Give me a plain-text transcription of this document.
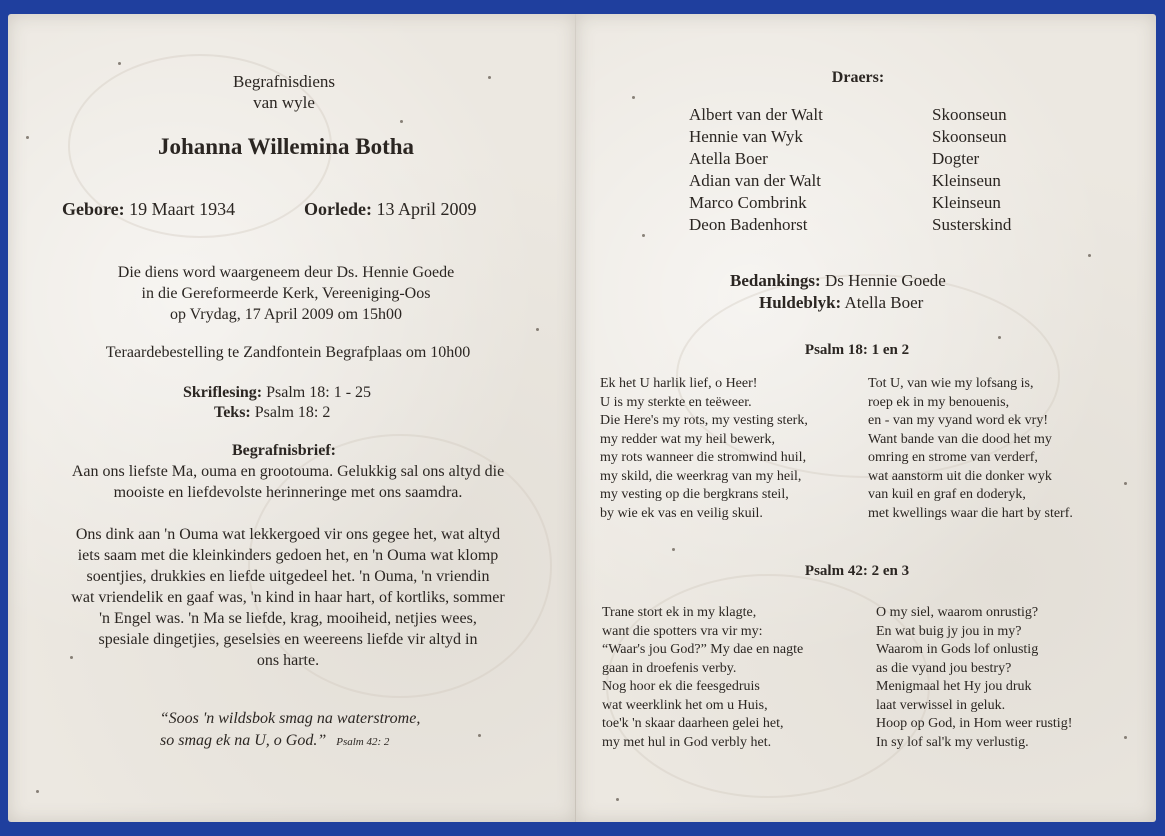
Begrafnisdiens
van wyle
Johanna Willemina Botha
Gebore: 19 Maart 1934	Oorlede: 13 April 2009
Die diens word waargeneem deur Ds. Hennie Goede
in die Gereformeerde Kerk, Vereeniging-Oos
op Vrydag, 17 April 2009 om 15h00
Teraardebestelling te Zandfontein Begrafplaas om 10h00
Skriflesing: Psalm 18: 1 - 25
Teks: Psalm 18: 2
Begrafnisbrief:
Aan ons liefste Ma, ouma en grootouma. Gelukkig sal ons altyd die
mooiste en liefdevolste herinneringe met ons saamdra.
Ons dink aan 'n Ouma wat lekkergoed vir ons gegee het, wat altyd
iets saam met die kleinkinders gedoen het, en 'n Ouma wat klomp
soentjies, drukkies en liefde uitgedeel het. 'n Ouma, 'n vriendin
wat vriendelik en gaaf was, 'n kind in haar hart, of kortliks, sommer
'n Engel was. 'n Ma se liefde, krag, mooiheid, netjies wees,
spesiale dingetjies, geselsies en weereens liefde vir altyd in
ons harte.
“Soos 'n wildsbok smag na waterstrome,
so smag ek na U, o God.” Psalm 42: 2
Draers:
Albert van der Walt	Skoonseun
Hennie van Wyk	Skoonseun
Atella Boer	Dogter
Adian van der Walt	Kleinseun
Marco Combrink	Kleinseun
Deon Badenhorst	Susterskind
Bedankings: Ds Hennie Goede
Huldeblyk: Atella Boer
Psalm 18: 1 en 2
Ek het U harlik lief, o Heer!
U is my sterkte en teëweer.
Die Here's my rots, my vesting sterk,
my redder wat my heil bewerk,
my rots wanneer die stromwind huil,
my skild, die weerkrag van my heil,
my vesting op die bergkrans steil,
by wie ek vas en veilig skuil.
Tot U, van wie my lofsang is,
roep ek in my benouenis,
en - van my vyand word ek vry!
Want bande van die dood het my
omring en strome van verderf,
wat aanstorm uit die donker wyk
van kuil en graf en doderyk,
met kwellings waar die hart by sterf.
Psalm 42: 2 en 3
Trane stort ek in my klagte,
want die spotters vra vir my:
“Waar's jou God?” My dae en nagte
gaan in droefenis verby.
Nog hoor ek die feesgedruis
wat weerklink het om u Huis,
toe'k 'n skaar daarheen gelei het,
my met hul in God verbly het.
O my siel, waarom onrustig?
En wat buig jy jou in my?
Waarom in Gods lof onlustig
as die vyand jou bestry?
Menigmaal het Hy jou druk
laat verwissel in geluk.
Hoop op God, in Hom weer rustig!
In sy lof sal'k my verlustig.
